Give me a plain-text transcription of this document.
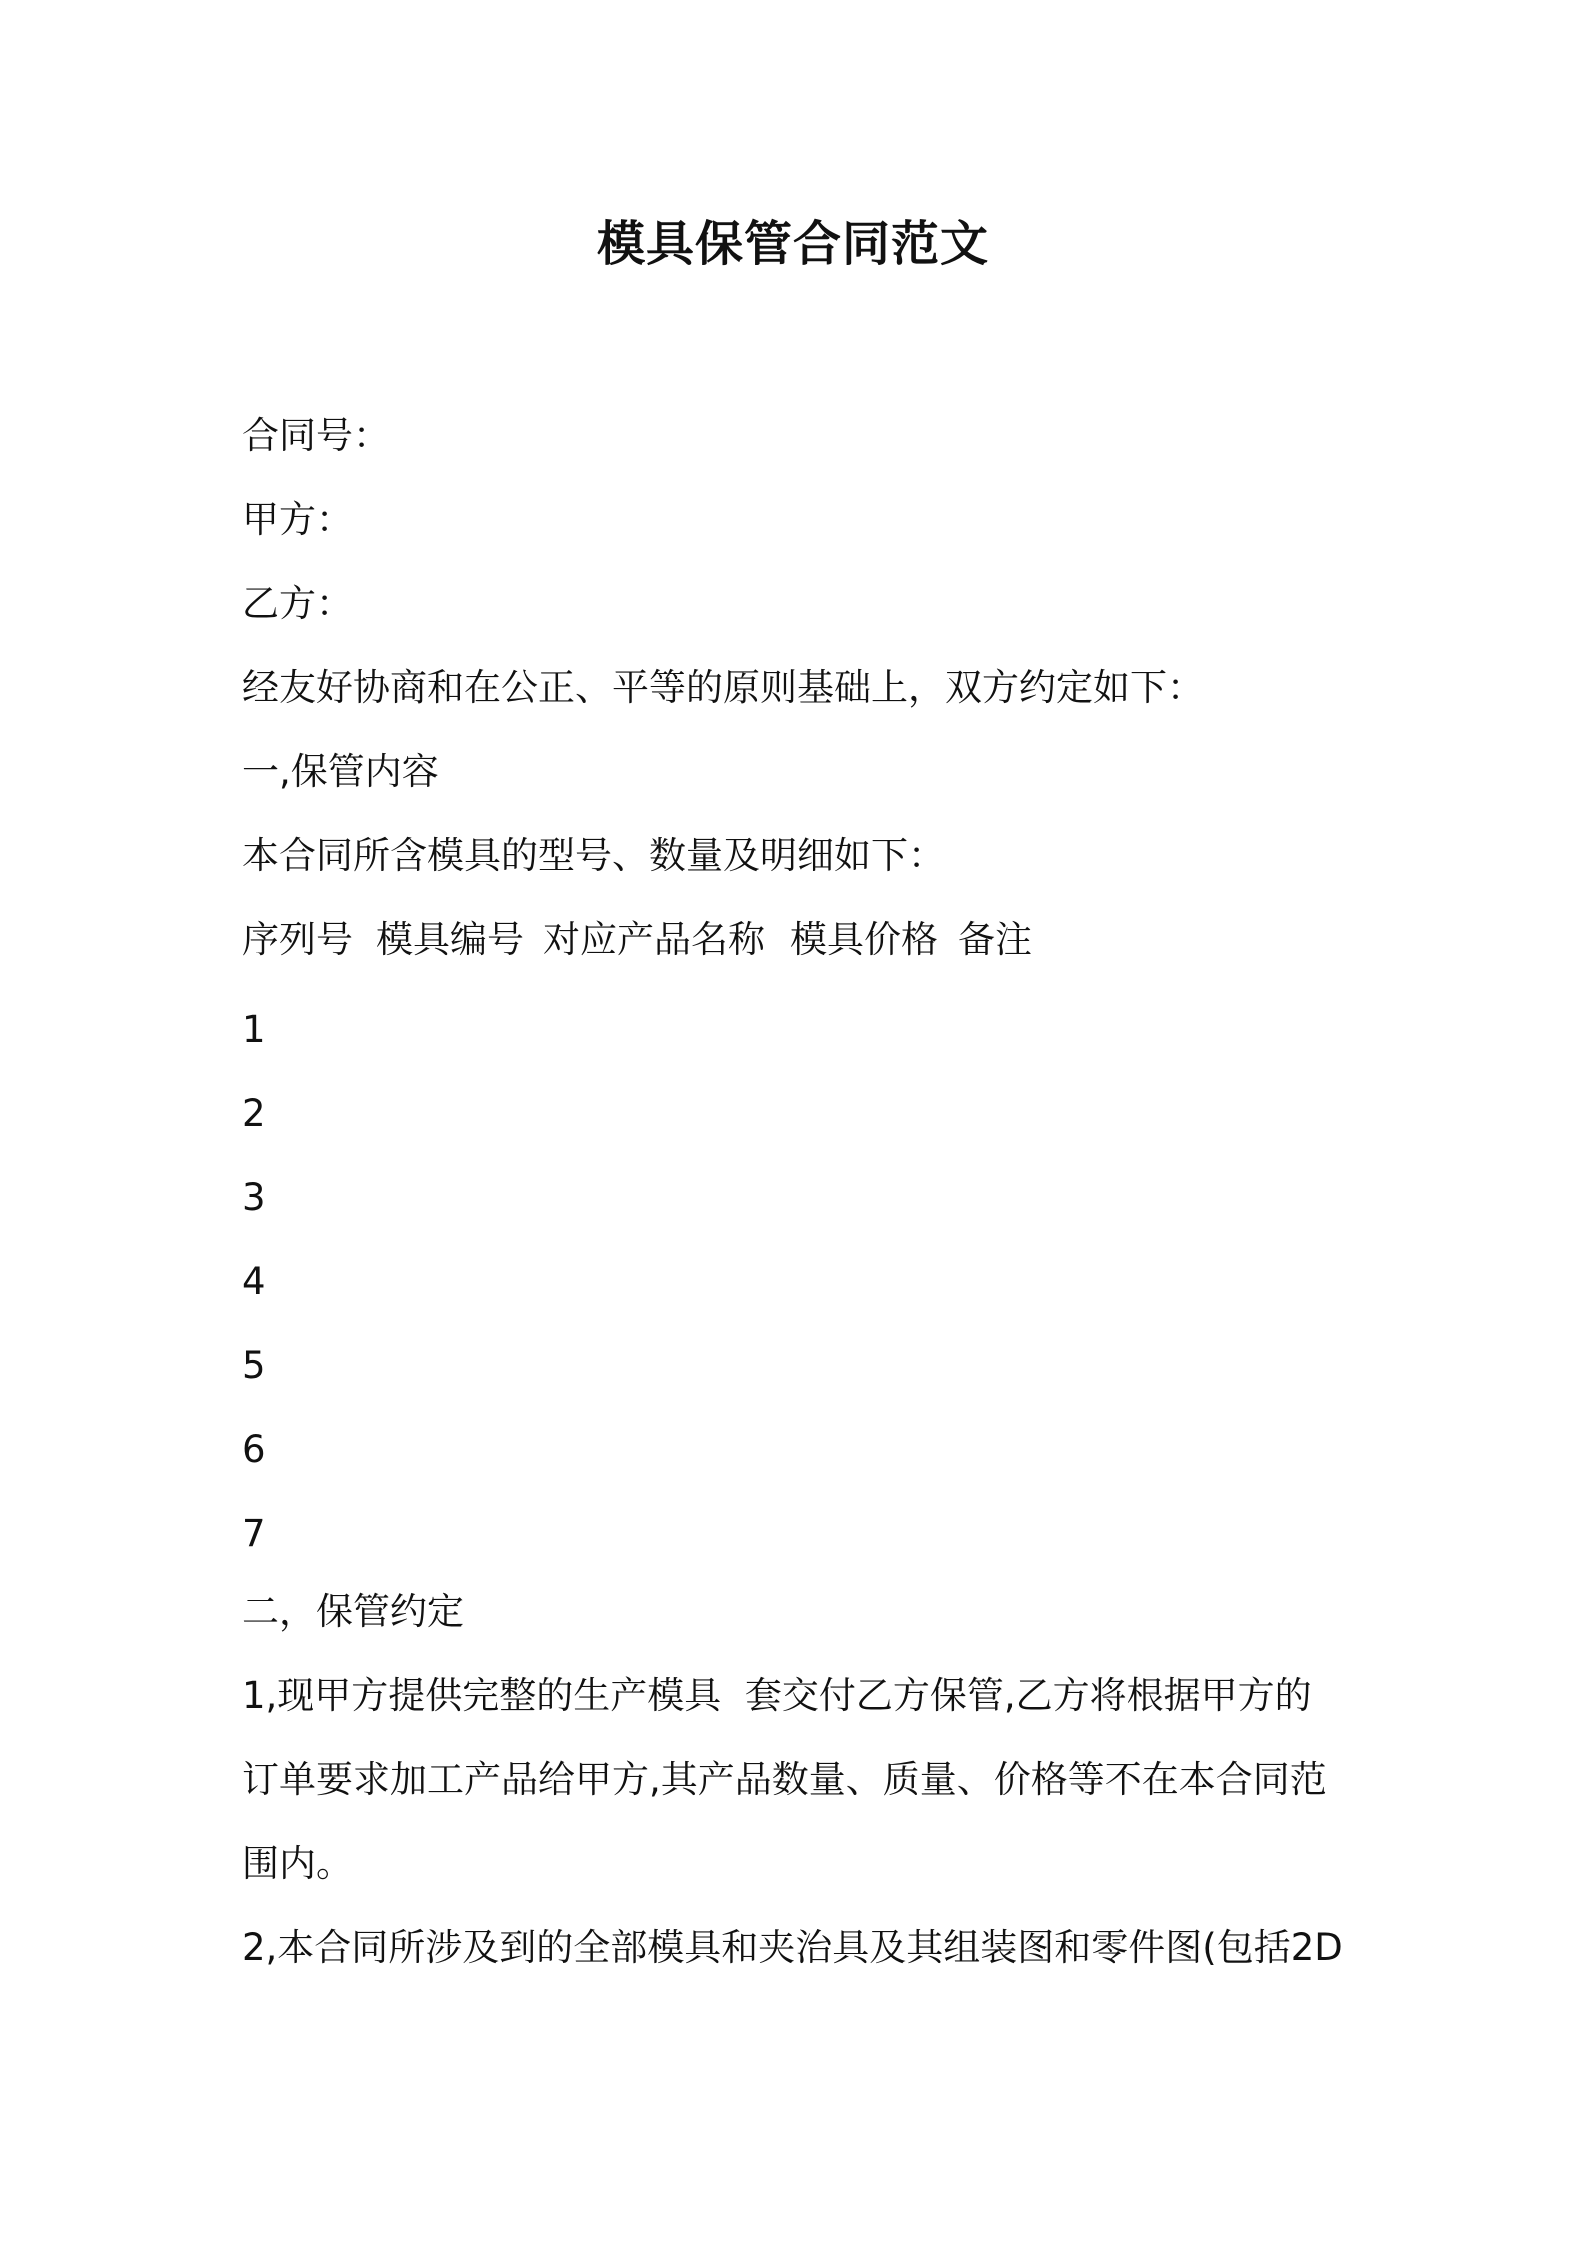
模具保管合同范文
合同号：
甲方：
乙方：
经友好协商和在公正、平等的原则基础上，双方约定如下：
一,保管内容
本合同所含模具的型号、数量及明细如下：
序列号 模具编号 对应产品名称 模具价格 备注
1
2
3
4
5
6
7
二，保管约定
1,现甲方提供完整的生产模具  套交付乙方保管,乙方将根据甲方的
订单要求加工产品给甲方,其产品数量、质量、价格等不在本合同范
围内。
2,本合同所涉及到的全部模具和夹治具及其组装图和零件图(包括2D
